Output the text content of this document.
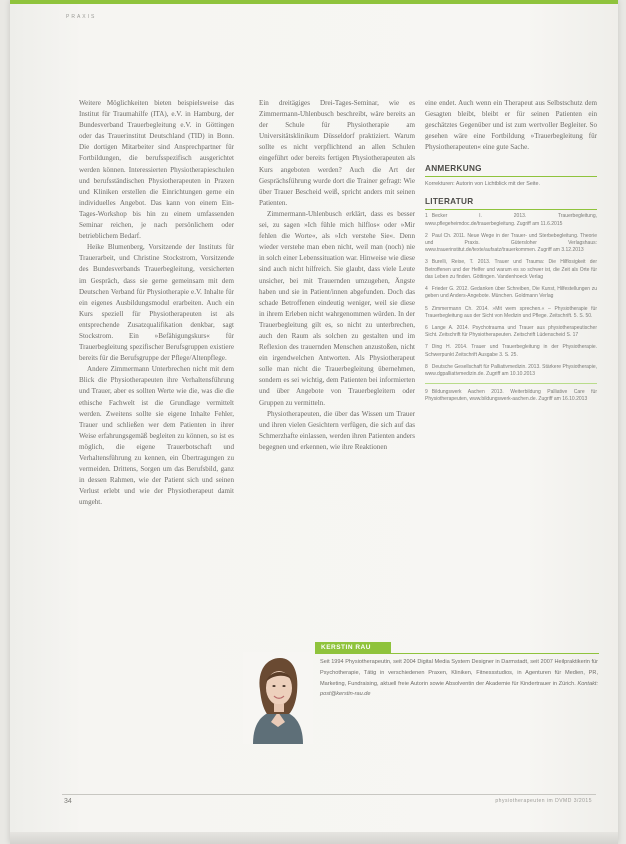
PRAXIS

Weitere Möglichkeiten bieten beispielsweise das Institut für Traumahilfe (ITA), e.V. in Hamburg, der Bundesverband Trauerbegleitung e.V. in Göttingen oder das Trauerinstitut Deutschland (TID) in Bonn. Die dortigen Mitarbeiter sind Ansprechpartner für Fortbildungen, die berufsspezifisch ausgerichtet werden können. Interessierten Physiotherapieschulen und berufsständischen Physiotherapeuten in Praxen und Kliniken erstellen die Einrichtungen gerne ein individuelles Angebot. Das kann von einem Ein-Tages-Workshop bis hin zu einem umfassenden Seminar reichen, je nach persönlichem oder betrieblichem Bedarf.

Heike Blumenberg, Vorsitzende der Instituts für Trauerarbeit, und Christine Stockstrom, Vorsitzende des Bundesverbands Trauerbegleitung, versicherten im Gespräch, dass sie gerne gemeinsam mit dem Deutschen Verband für Physiotherapie e.V. Inhalte für ein eigenes Ausbildungsmodul erarbeiten. Auch ein Kurs speziell für Physiotherapeuten ist als entsprechende Zusatzqualifikation denkbar, sagt Stockstrom. Ein »Befähigungskurs« für Trauerbegleitung spezifischer Berufsgruppen existiere bereits für die Berufsgruppe der Pflege/Altenpflege.

Andere Zimmermann Unterbrechen nicht mit dem Blick die Physiotherapeuten ihre Verhaltensführung und Trauer, aber es sollten Werte wie die, was die die ethische Fachwelt ist die Grundlage vermittelt werden. Zweitens sollte sie eigene Inhalte Fehler, Trauer und schließen wer dem Patienten in ihrer Weise erfahrungsgemäß begleiten zu können, so ist es möglich, die eigene Trauerbotschaft und Verhaltensführung zu kennen, ein Übertragungen zu vermeiden. Drittens, Sorgen um das Berufsbild, ganz in dessen Rahmen, wie der Patient sich und seinen Verlust erlebt und wie der Physiotherapeut damit umgeht.

Ein dreitägiges Drei-Tages-Seminar, wie es Zimmermann-Uhlenbusch beschreibt, wäre bereits an der Schule für Physiotherapie am Universitätsklinikum Düsseldorf praktiziert. Warum sollte es nicht verpflichtend an allen Schulen eingeführt oder bereits fertigen Physiotherapeuten als Kurs angeboten werden? Auch die Art der Gesprächsführung wurde dort die Trainer gefragt: Wie über Trauer Bescheid weiß, spricht anders mit seinen Patienten.

Zimmermann-Uhlenbusch erklärt, dass es besser sei, zu sagen »Ich fühle mich hilflos« oder »Mir fehlen die Worte«, als »Ich verstehe Sie«. Denn wieder verstehe man eben nicht, weil man (noch) nie in solch einer Lebenssituation war. Hinweise wie diese sind auch nicht hilfreich. Sie glaubt, dass viele Leute unsicher, bei mit Trauernden umzugehen, Ängste haben und sie in Patient/innen abgefunden. Doch das schade Betroffenen eindeutig weniger, weil sie diese in ihrem Erleben nicht wahrgenommen würden. In der Trauerbegleitung gilt es, so nicht zu unterbrechen, auch den Raum als solchen zu gestalten und im Reflexion des trauernden Menschen anzustoßen, nicht ein irgendwelchen Antworten. Als Physiotherapeut solle man nicht die Trauerbegleitung übernehmen, sondern es sei wichtig, dem Patienten bei informierten und über Angebote von Trauerbegleitern oder Gruppen zu vermitteln.

Physiotherapeuten, die über das Wissen um Trauer und ihren vielen Gesichtern verfügen, die sich auf das Schmerzhafte einlassen, werden ihren Patienten anders begegnen und erkennen, wie ihre Reaktionen

eine endet. Auch wenn ein Therapeut aus Selbstschutz dem Gesagten bleibt, bleibt er für seinen Patienten ein geschätztes Gegenüber und ist zum wertvoller Begleiter. So gesehen wäre eine Fortbildung »Trauerbegleitung für Physiotherapeuten« eine gute Sache.

ANMERKUNG
Korrekturen: Autorin von Lichtblick mit der Seite.
LITERATUR
1 Becker I. 2013. Trauerbegleitung, www.pflegeheimdoc.de/trauerbegleitung. Zugriff am 11.6.2015
2 Paul Ch. 2011. Neue Wege in der Trauer- und Sterbebegleitung. Theorie und Praxis. Gütersloher Verlagshaus: www.trauerinstitut.de/texte/aufsatz/trauerkommen. Zugriff am 3.12.2013
3 Burelli, Reise, T. 2013. Trauer und Trauma: Die Hilflosigkeit der Betroffenen und der Helfer und warum es so schwer ist, die Zeit als Orte für das Leben zu finden. Göttingen. Vandenhoeck Verlag
4 Frieder G. 2012. Gedanken über Schreiben, Die Kunst, Hilfestellungen zu geben und Anders-Angebote. München. Goldmann Verlag
5 Zimmermann Ch. 2014. »Mit wem sprechen.« – Physiotherapie für Trauerbegleitung aus der Sicht von Medizin und Pflege. Zeitschrift. 5. S. 50.
6 Lange A. 2014. Psychotrauma und Trauer aus physiotherapeutischer Sicht. Zeitschrift für Physiotherapeuten. Zeitschrift Lüdenscheid S. 17
7 Ding H. 2014. Trauer und Trauerbegleitung in der Physiotherapie. Schwerpunkt Zeitschrift Ausgabe 3. S. 25.
8 Deutsche Gesellschaft für Palliativmedizin. 2013. Stärkere Physiotherapie, www.dgpalliativmedizin.de. Zugriff am 10.10.2013
9 Bildungswerk Aachen 2013. Weiterbildung Palliative Care für Physiotherapeuten, www.bildungswerk-aachen.de. Zugriff am 16.10.2013
KERSTIN RAU
Seit 1994 Physiotherapeutin, seit 2004 Digital Media System Designer in Darmstadt, seit 2007 Heilpraktikerin für Psychotherapie, Tätig in verschiedenen Praxen, Kliniken, Fitnessstudios, in Agenturen für Medien, PR, Marketing, Fundraising, aktuell freie Autorin sowie Absolventin der Akademie für Kindertrauer in Zürich. Kontakt: post@kerstin-rau.de
34	physiotherapeuten im DVMD 3/2015
